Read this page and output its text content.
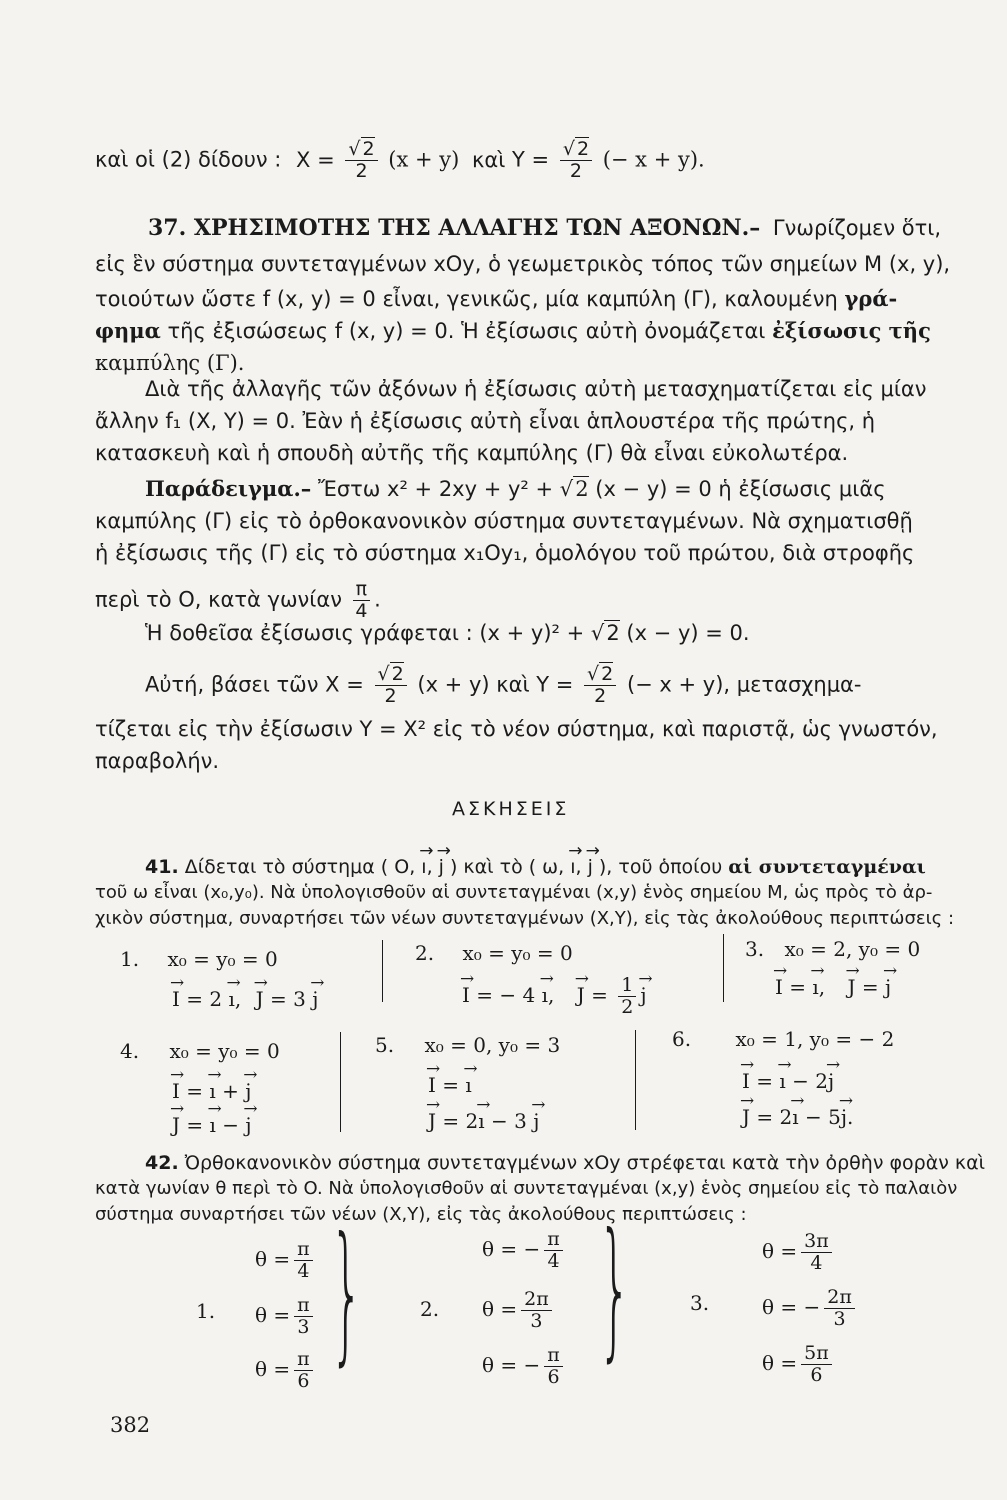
καὶ οἱ (2) δίδουν : $X = \frac{√ 2}{2} (x + y)$ καὶ $Y = \frac{√ 2}{2}$ (− x + y).
37. ΧΡΗΣΙΜΟΤΗΣ ΤΗΣ ΑΛΛΑΓΗΣ ΤΩΝ ΑΞΟΝΩΝ.– Γνωρίζομεν ὅτι,
εἰς ἓν σύστημα συντεταγμένων xOy, ὁ γεωμετρικὸς τόπος τῶν σημείων M (x, y),
τοιούτων ὥστε f (x, y) = 0 εἶναι, γενικῶς, μία καμπύλη (Γ), καλουμένη γρά-
φημα τῆς ἐξισώσεως f (x, y) = 0. Ἡ ἐξίσωσις αὐτὴ ὀνομάζεται ἐξίσωσις τῆς
καμπύλης (Γ).
Διὰ τῆς ἀλλαγῆς τῶν ἀξόνων ἡ ἐξίσωσις αὐτὴ μετασχηματίζεται εἰς μίαν
ἄλλην f₁ (X, Y) = 0. Ἐὰν ἡ ἐξίσωσις αὐτὴ εἶναι ἁπλουστέρα τῆς πρώτης, ἡ
κατασκευὴ καὶ ἡ σπουδὴ αὐτῆς τῆς καμπύλης (Γ) θὰ εἶναι εὐκολωτέρα.
Παράδειγμα.– Ἔστω x² + 2xy + y² + √2 (x − y) = 0 ἡ ἐξίσωσις μιᾶς
καμπύλης (Γ) εἰς τὸ ὀρθοκανονικὸν σύστημα συντεταγμένων. Νὰ σχηματισθῇ
ἡ ἐξίσωσις τῆς (Γ) εἰς τὸ σύστημα x₁Oy₁, ὁμολόγου τοῦ πρώτου, διὰ στροφῆς
περὶ τὸ O, κατὰ γωνίαν $\frac{\pi}{4}$ .
Ἡ δοθεῖσα ἐξίσωσις γράφεται : (x + y)² + √2 (x − y) = 0.
Αὐτή, βάσει τῶν $X = \frac{√ 2}{2} (x + y)$ καὶ $Y = \frac{√ 2}{2}$ (− x + y), μετασχημα-
τίζεται εἰς τὴν ἐξίσωσιν Y = X² εἰς τὸ νέον σύστημα, καὶ παριστᾷ, ὡς γνωστόν,
παραβολήν.
ΑΣΚΗΣΕΙΣ
41. Δίδεται τὸ σύστημα ( O, → ı, → j ) καὶ τὸ ( ω, → ı, → j ), τοῦ ὁποίου αἱ συντεταγμέναι
τοῦ ω εἶναι (x₀,y₀). Νὰ ὑπολογισθοῦν αἱ συντεταγμέναι (x,y) ἑνὸς σημείου M, ὡς πρὸς τὸ ἀρ-
χικὸν σύστημα, συναρτήσει τῶν νέων συντεταγμένων (X,Y), εἰς τὰς ἀκολούθους περιπτώσεις :
1. x₀ = y₀ = 0
→ I = 2 → ı, → J = 3 → j
2. x₀ = y₀ = 0
→ I = − 4 → ı, → $J = \frac{1}{2}$
→ j
3. x₀ = 2, y₀ = 0
→ I = → ı, → J = → j
4. x₀ = y₀ = 0
→ I = → ı + → j
→ J = → ı − → j
5. x₀ = 0, y₀ = 3
→ I = → ı
→ J = 2→ ı − 3 → j
6. x₀ = 1, y₀ = − 2
→ I = → ı − 2→ j
→ J = 2→ ı − 5→ j.
42. Ὀρθοκανονικὸν σύστημα συντεταγμένων xOy στρέφεται κατὰ τὴν ὀρθὴν φορὰν καὶ
κατὰ γωνίαν θ περὶ τὸ O. Νὰ ὑπολογισθοῦν αἱ συντεταγμέναι (x,y) ἑνὸς σημείου εἰς τὸ παλαιὸν
σύστημα συναρτήσει τῶν νέων (X,Y), εἰς τὰς ἀκολούθους περιπτώσεις :
1.
$\theta = \frac{\pi}{4}$
$\theta = \frac{\pi}{3}$
$\theta = \frac{\pi}{6}$ }	2.
θ = − $\frac{\pi}{4}$
$\theta = \frac{2\pi}{3}$
θ = − $\frac{\pi}{6}$ }	3.
$\theta = \frac{3\pi}{4}$
θ = − $\frac{2\pi}{3}$
$\theta = \frac{5\pi}{6}$
382
